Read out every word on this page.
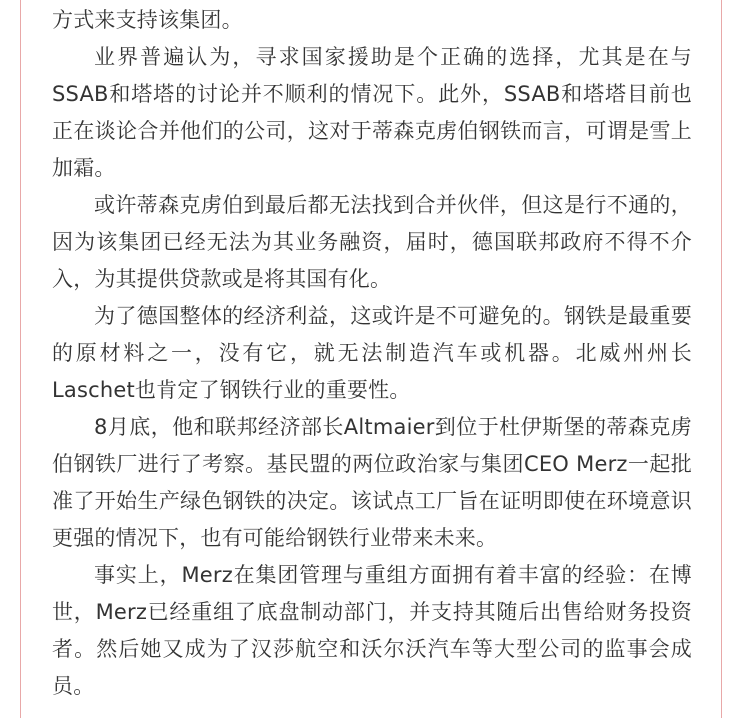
方式来支持该集团。

业界普遍认为，寻求国家援助是个正确的选择，尤其是在与SSAB和塔塔的讨论并不顺利的情况下。此外，SSAB和塔塔目前也正在谈论合并他们的公司，这对于蒂森克虏伯钢铁而言，可谓是雪上加霜。

或许蒂森克虏伯到最后都无法找到合并伙伴，但这是行不通的，因为该集团已经无法为其业务融资，届时，德国联邦政府不得不介入，为其提供贷款或是将其国有化。

为了德国整体的经济利益，这或许是不可避免的。钢铁是最重要的原材料之一，没有它，就无法制造汽车或机器。北威州州长Laschet也肯定了钢铁行业的重要性。

8月底，他和联邦经济部长Altmaier到位于杜伊斯堡的蒂森克虏伯钢铁厂进行了考察。基民盟的两位政治家与集团CEO Merz一起批准了开始生产绿色钢铁的决定。该试点工厂旨在证明即使在环境意识更强的情况下，也有可能给钢铁行业带来未来。

事实上，Merz在集团管理与重组方面拥有着丰富的经验：在博世，Merz已经重组了底盘制动部门，并支持其随后出售给财务投资者。然后她又成为了汉莎航空和沃尔沃汽车等大型公司的监事会成员。
